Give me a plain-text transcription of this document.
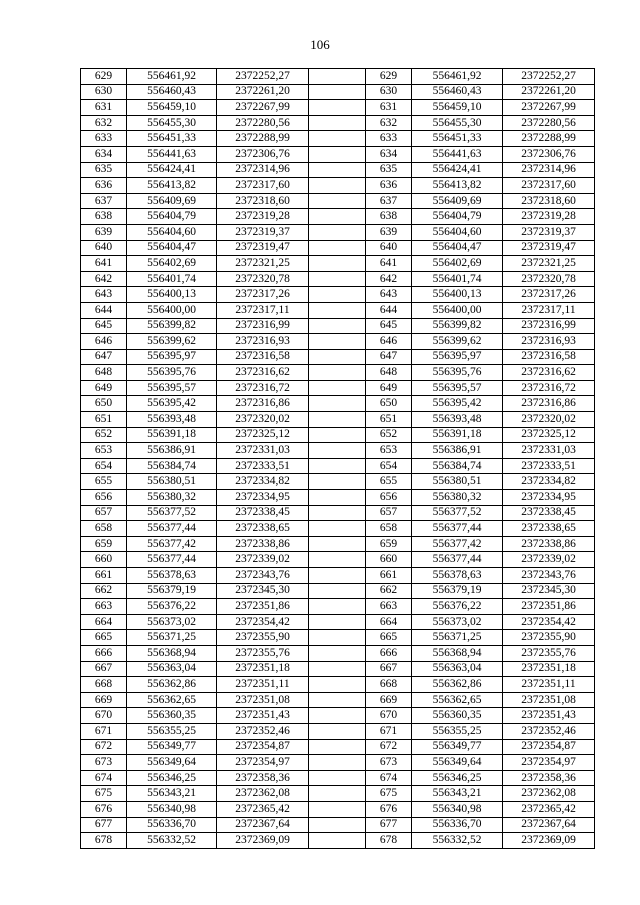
106
629	556461,92	2372252,27		629	556461,92	2372252,27
630	556460,43	2372261,20		630	556460,43	2372261,20
631	556459,10	2372267,99		631	556459,10	2372267,99
632	556455,30	2372280,56		632	556455,30	2372280,56
633	556451,33	2372288,99		633	556451,33	2372288,99
634	556441,63	2372306,76		634	556441,63	2372306,76
635	556424,41	2372314,96		635	556424,41	2372314,96
636	556413,82	2372317,60		636	556413,82	2372317,60
637	556409,69	2372318,60		637	556409,69	2372318,60
638	556404,79	2372319,28		638	556404,79	2372319,28
639	556404,60	2372319,37		639	556404,60	2372319,37
640	556404,47	2372319,47		640	556404,47	2372319,47
641	556402,69	2372321,25		641	556402,69	2372321,25
642	556401,74	2372320,78		642	556401,74	2372320,78
643	556400,13	2372317,26		643	556400,13	2372317,26
644	556400,00	2372317,11		644	556400,00	2372317,11
645	556399,82	2372316,99		645	556399,82	2372316,99
646	556399,62	2372316,93		646	556399,62	2372316,93
647	556395,97	2372316,58		647	556395,97	2372316,58
648	556395,76	2372316,62		648	556395,76	2372316,62
649	556395,57	2372316,72		649	556395,57	2372316,72
650	556395,42	2372316,86		650	556395,42	2372316,86
651	556393,48	2372320,02		651	556393,48	2372320,02
652	556391,18	2372325,12		652	556391,18	2372325,12
653	556386,91	2372331,03		653	556386,91	2372331,03
654	556384,74	2372333,51		654	556384,74	2372333,51
655	556380,51	2372334,82		655	556380,51	2372334,82
656	556380,32	2372334,95		656	556380,32	2372334,95
657	556377,52	2372338,45		657	556377,52	2372338,45
658	556377,44	2372338,65		658	556377,44	2372338,65
659	556377,42	2372338,86		659	556377,42	2372338,86
660	556377,44	2372339,02		660	556377,44	2372339,02
661	556378,63	2372343,76		661	556378,63	2372343,76
662	556379,19	2372345,30		662	556379,19	2372345,30
663	556376,22	2372351,86		663	556376,22	2372351,86
664	556373,02	2372354,42		664	556373,02	2372354,42
665	556371,25	2372355,90		665	556371,25	2372355,90
666	556368,94	2372355,76		666	556368,94	2372355,76
667	556363,04	2372351,18		667	556363,04	2372351,18
668	556362,86	2372351,11		668	556362,86	2372351,11
669	556362,65	2372351,08		669	556362,65	2372351,08
670	556360,35	2372351,43		670	556360,35	2372351,43
671	556355,25	2372352,46		671	556355,25	2372352,46
672	556349,77	2372354,87		672	556349,77	2372354,87
673	556349,64	2372354,97		673	556349,64	2372354,97
674	556346,25	2372358,36		674	556346,25	2372358,36
675	556343,21	2372362,08		675	556343,21	2372362,08
676	556340,98	2372365,42		676	556340,98	2372365,42
677	556336,70	2372367,64		677	556336,70	2372367,64
678	556332,52	2372369,09		678	556332,52	2372369,09
